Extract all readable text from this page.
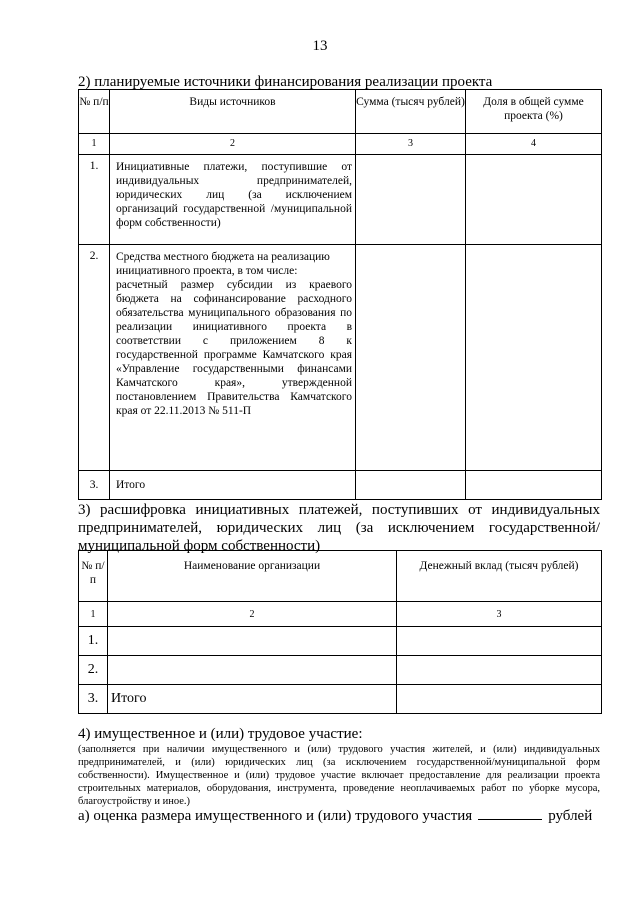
13
2) планируемые источники финансирования реализации проекта
№ п/п	Виды источников	Сумма (тысяч рублей)	Доля в общей сумме проекта (%)
1	2	3	4
1.	Инициативные платежи, поступившие от индивидуальных предпринимателей, юридических лиц (за исключением организаций государственной /муниципальной форм собственности)		
2.	Средства местного бюджета на реализацию инициативного проекта, в том числе:
расчетный размер субсидии из краевого бюджета на софинансирование расходного обязательства муниципального образования по реализации инициативного проекта в соответствии с приложением 8 к государственной программе Камчатского края «Управление государственными финансами Камчатского края», утвержденной постановлением Правительства Камчатского края от 22.11.2013 № 511-П		

3.	Итого		
3) расшифровка инициативных платежей, поступивших от индивидуальных предпринимателей, юридических лиц (за исключением государственной/муниципальной форм собственности)
№ п/п	Наименование организации	Денежный вклад (тысяч рублей)
1	2	3
1.		
2.		
3.	Итого	
4) имущественное и (или) трудовое участие:
(заполняется при наличии имущественного и (или) трудового участия жителей, и (или) индивидуальных предпринимателей, и (или) юридических лиц (за исключением государственной/муниципальной форм собственности). Имущественное и (или) трудовое участие включает предоставление для реализации проекта строительных материалов, оборудования, инструмента, проведение неоплачиваемых работ по уборке мусора, благоустройству и иное.)
а) оценка размера имущественного и (или) трудового участия	рублей
